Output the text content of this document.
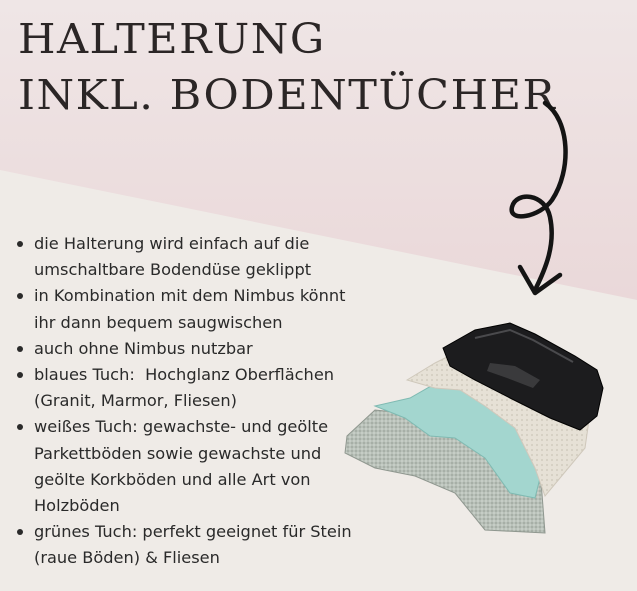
HALTERUNG
INKL. BODENTÜCHER
die Halterung wird einfach auf die umschaltbare Bodendüse geklippt
in Kombination mit dem Nimbus könnt ihr dann bequem saugwischen
auch ohne Nimbus nutzbar
blaues Tuch:  Hochglanz Oberflächen (Granit, Marmor, Fliesen)
weißes Tuch: gewachste- und geölte Parkettböden sowie gewachste und geölte Korkböden und alle Art von Holzböden
grünes Tuch: perfekt geeignet für Stein (raue Böden) & Fliesen
